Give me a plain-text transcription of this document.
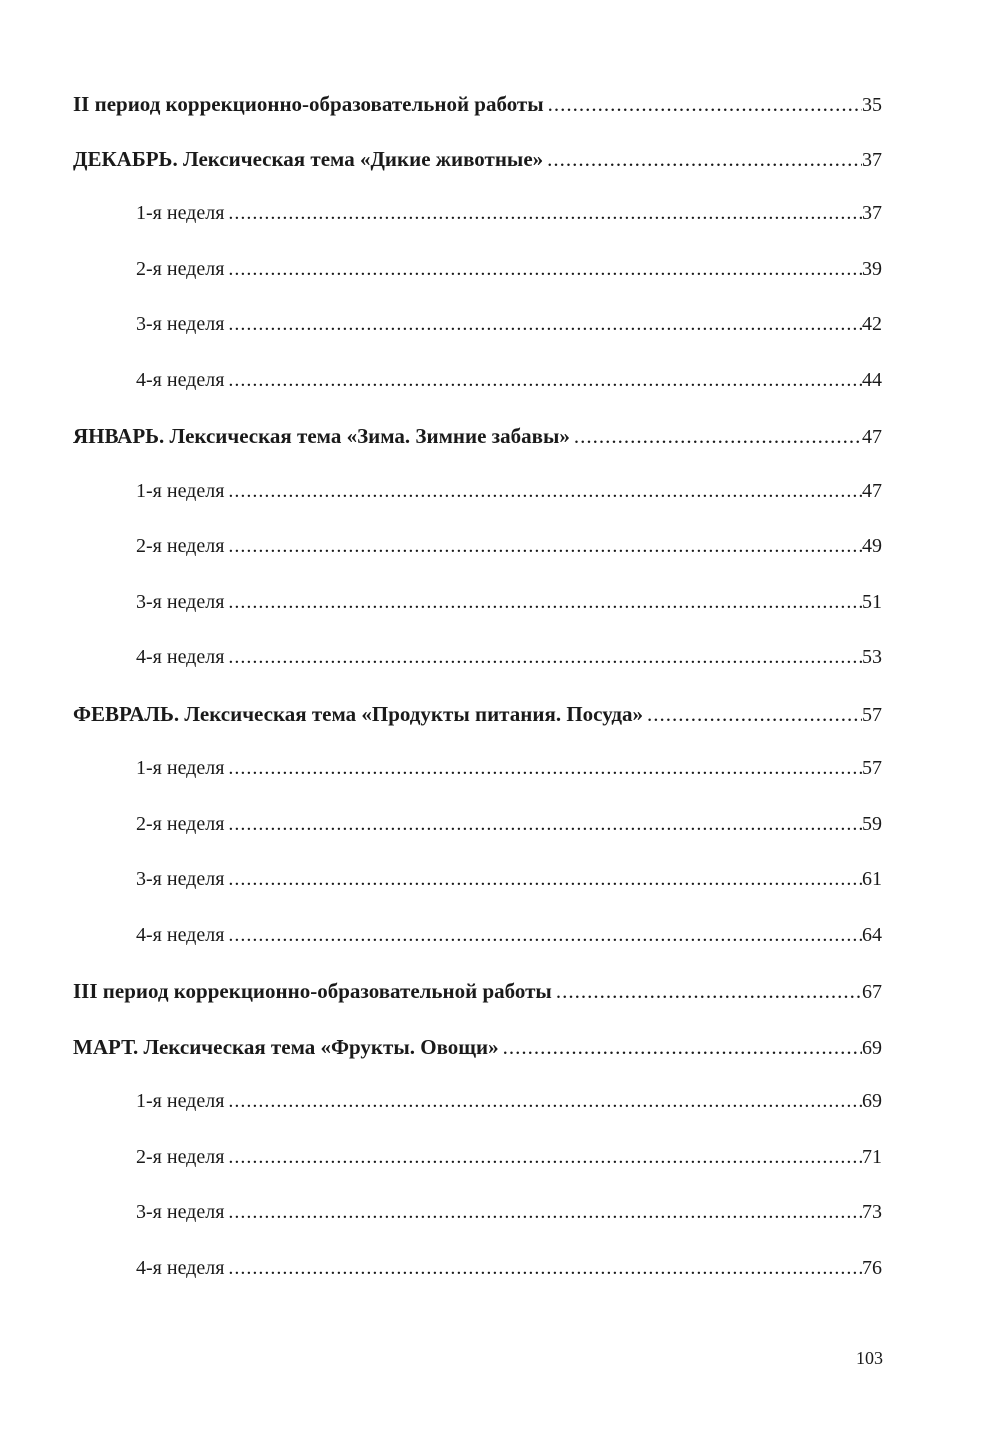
II период коррекционно-образовательной работы .....	35
ДЕКАБРЬ. Лексическая тема «Дикие животные» .....	37
1-я неделя .....	37
2-я неделя .....	39
3-я неделя .....	42
4-я неделя .....	44
ЯНВАРЬ. Лексическая тема «Зима. Зимние забавы» .....	47
1-я неделя .....	47
2-я неделя .....	49
3-я неделя .....	51
4-я неделя .....	53
ФЕВРАЛЬ. Лексическая тема «Продукты питания. Посуда» .....	57
1-я неделя .....	57
2-я неделя .....	59
3-я неделя .....	61
4-я неделя .....	64
III период коррекционно-образовательной работы .....	67
МАРТ. Лексическая тема «Фрукты. Овощи» .....	69
1-я неделя .....	69
2-я неделя .....	71
3-я неделя .....	73
4-я неделя .....	76
103
